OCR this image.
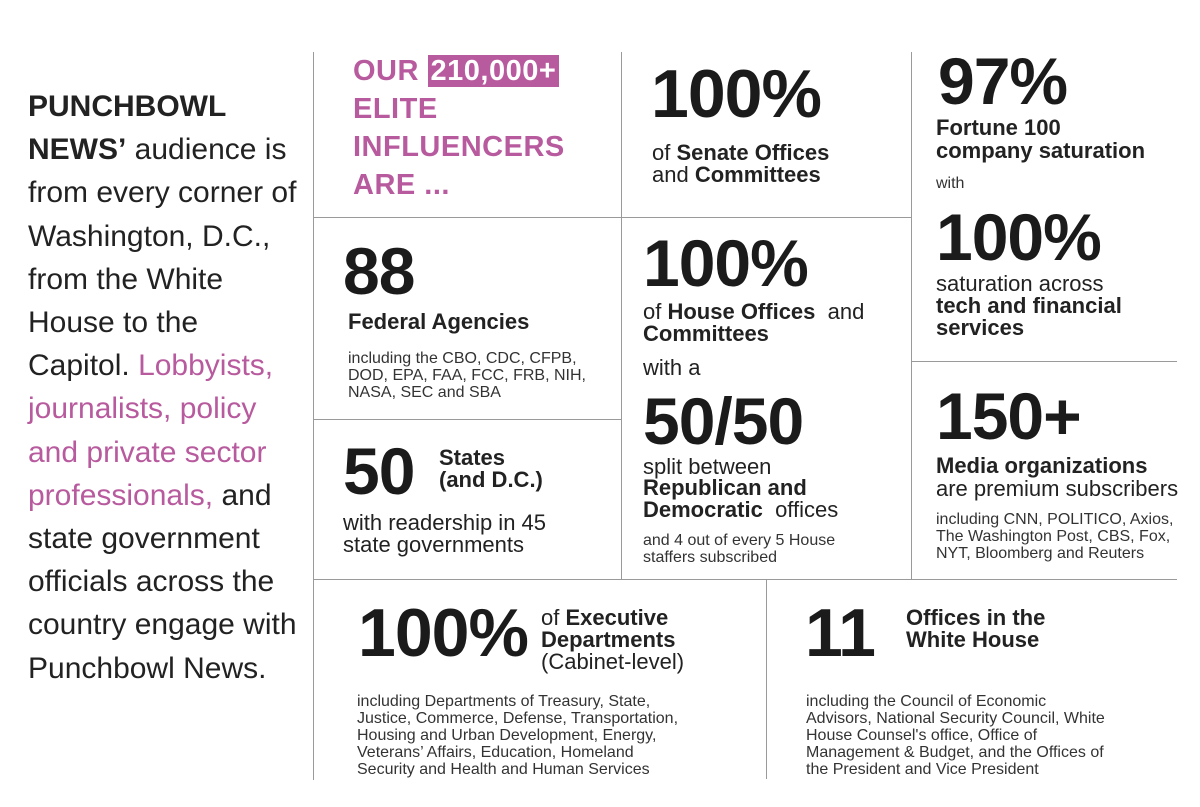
PUNCHBOWL NEWS’ audience is from every corner of Washington, D.C., from the White House to the Capitol. Lobbyists, journalists, policy and private sector professionals, and state government officials across the country engage with Punchbowl News.
OUR 210,000+
ELITE
INFLUENCERS
ARE ...
100%
of Senate Offices
and Committees
97%
Fortune 100
company saturation
with
100%
saturation across
tech and financial
services
88
Federal Agencies
including the CBO, CDC, CFPB,
DOD, EPA, FAA, FCC, FRB, NIH,
NASA, SEC and SBA
100%
of House Offices  and
Committees
with a
50/50
split between
Republican and
Democratic  offices
and 4 out of every 5 House
staffers subscribed
50 States
(and D.C.)
with readership in 45
state governments
150+
Media organizations
are premium subscribers
including CNN, POLITICO, Axios,
The Washington Post, CBS, Fox,
NYT, Bloomberg and Reuters
100% of Executive
Departments
(Cabinet-level)
including Departments of Treasury, State,
Justice, Commerce, Defense, Transportation,
Housing and Urban Development, Energy,
Veterans’ Affairs, Education, Homeland
Security and Health and Human Services
11 Offices in the
White House
including the Council of Economic
Advisors, National Security Council, White
House Counsel's office, Office of
Management & Budget, and the Offices of
the President and Vice President
